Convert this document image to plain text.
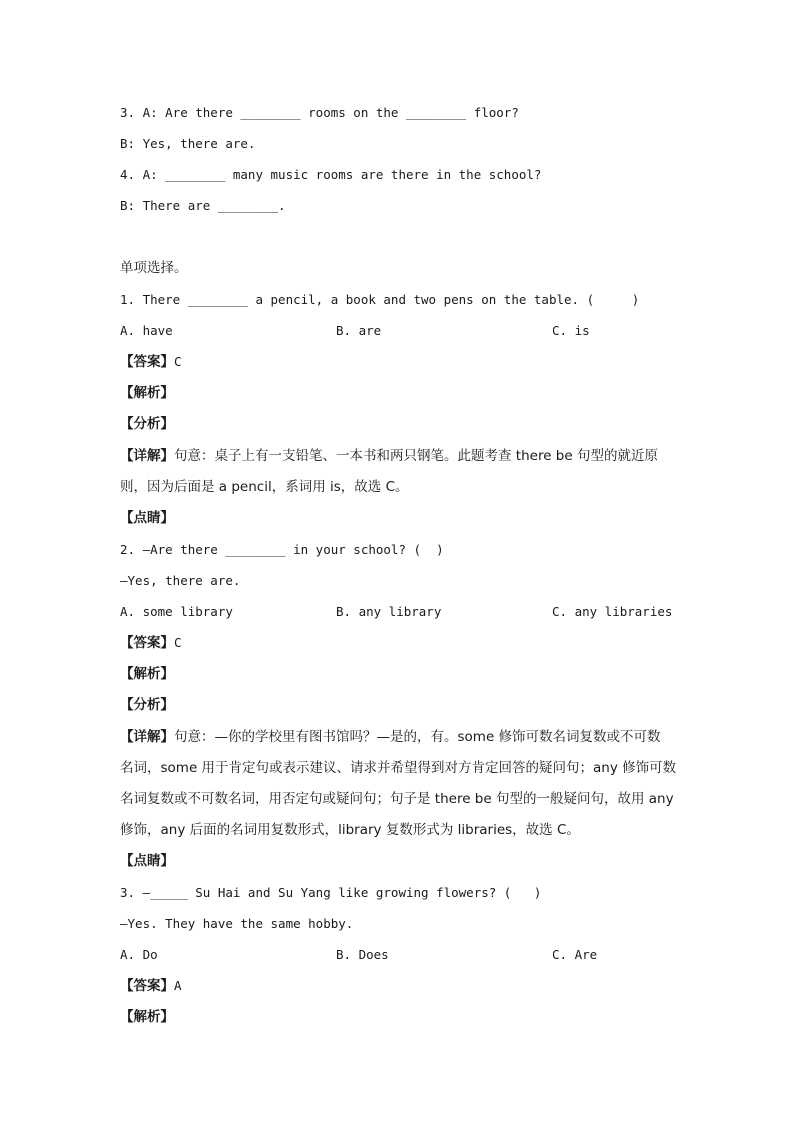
3. A: Are there ________ rooms on the ________ floor?
B: Yes, there are.
4. A: ________ many music rooms are there in the school?
B: There are ________.
单项选择。
1. There ________ a pencil, a book and two pens on the table. (     )
A. have	B. are	C. is
【答案】C
【解析】
【分析】
【详解】句意：桌子上有一支铅笔、一本书和两只钢笔。此题考查 there be 句型的就近原
则，因为后面是 a pencil，系词用 is，故选 C。
【点睛】
2. —Are there ________ in your school? (  )
—Yes, there are.
A. some library	B. any library	C. any libraries
【答案】C
【解析】
【分析】
【详解】句意：—你的学校里有图书馆吗？—是的，有。some 修饰可数名词复数或不可数
名词，some 用于肯定句或表示建议、请求并希望得到对方肯定回答的疑问句；any 修饰可数
名词复数或不可数名词，用否定句或疑问句；句子是 there be 句型的一般疑问句，故用 any
修饰，any 后面的名词用复数形式，library 复数形式为 libraries，故选 C。
【点睛】
3. —_____ Su Hai and Su Yang like growing flowers? (   )
—Yes. They have the same hobby.
A. Do	B. Does	C. Are
【答案】A
【解析】
